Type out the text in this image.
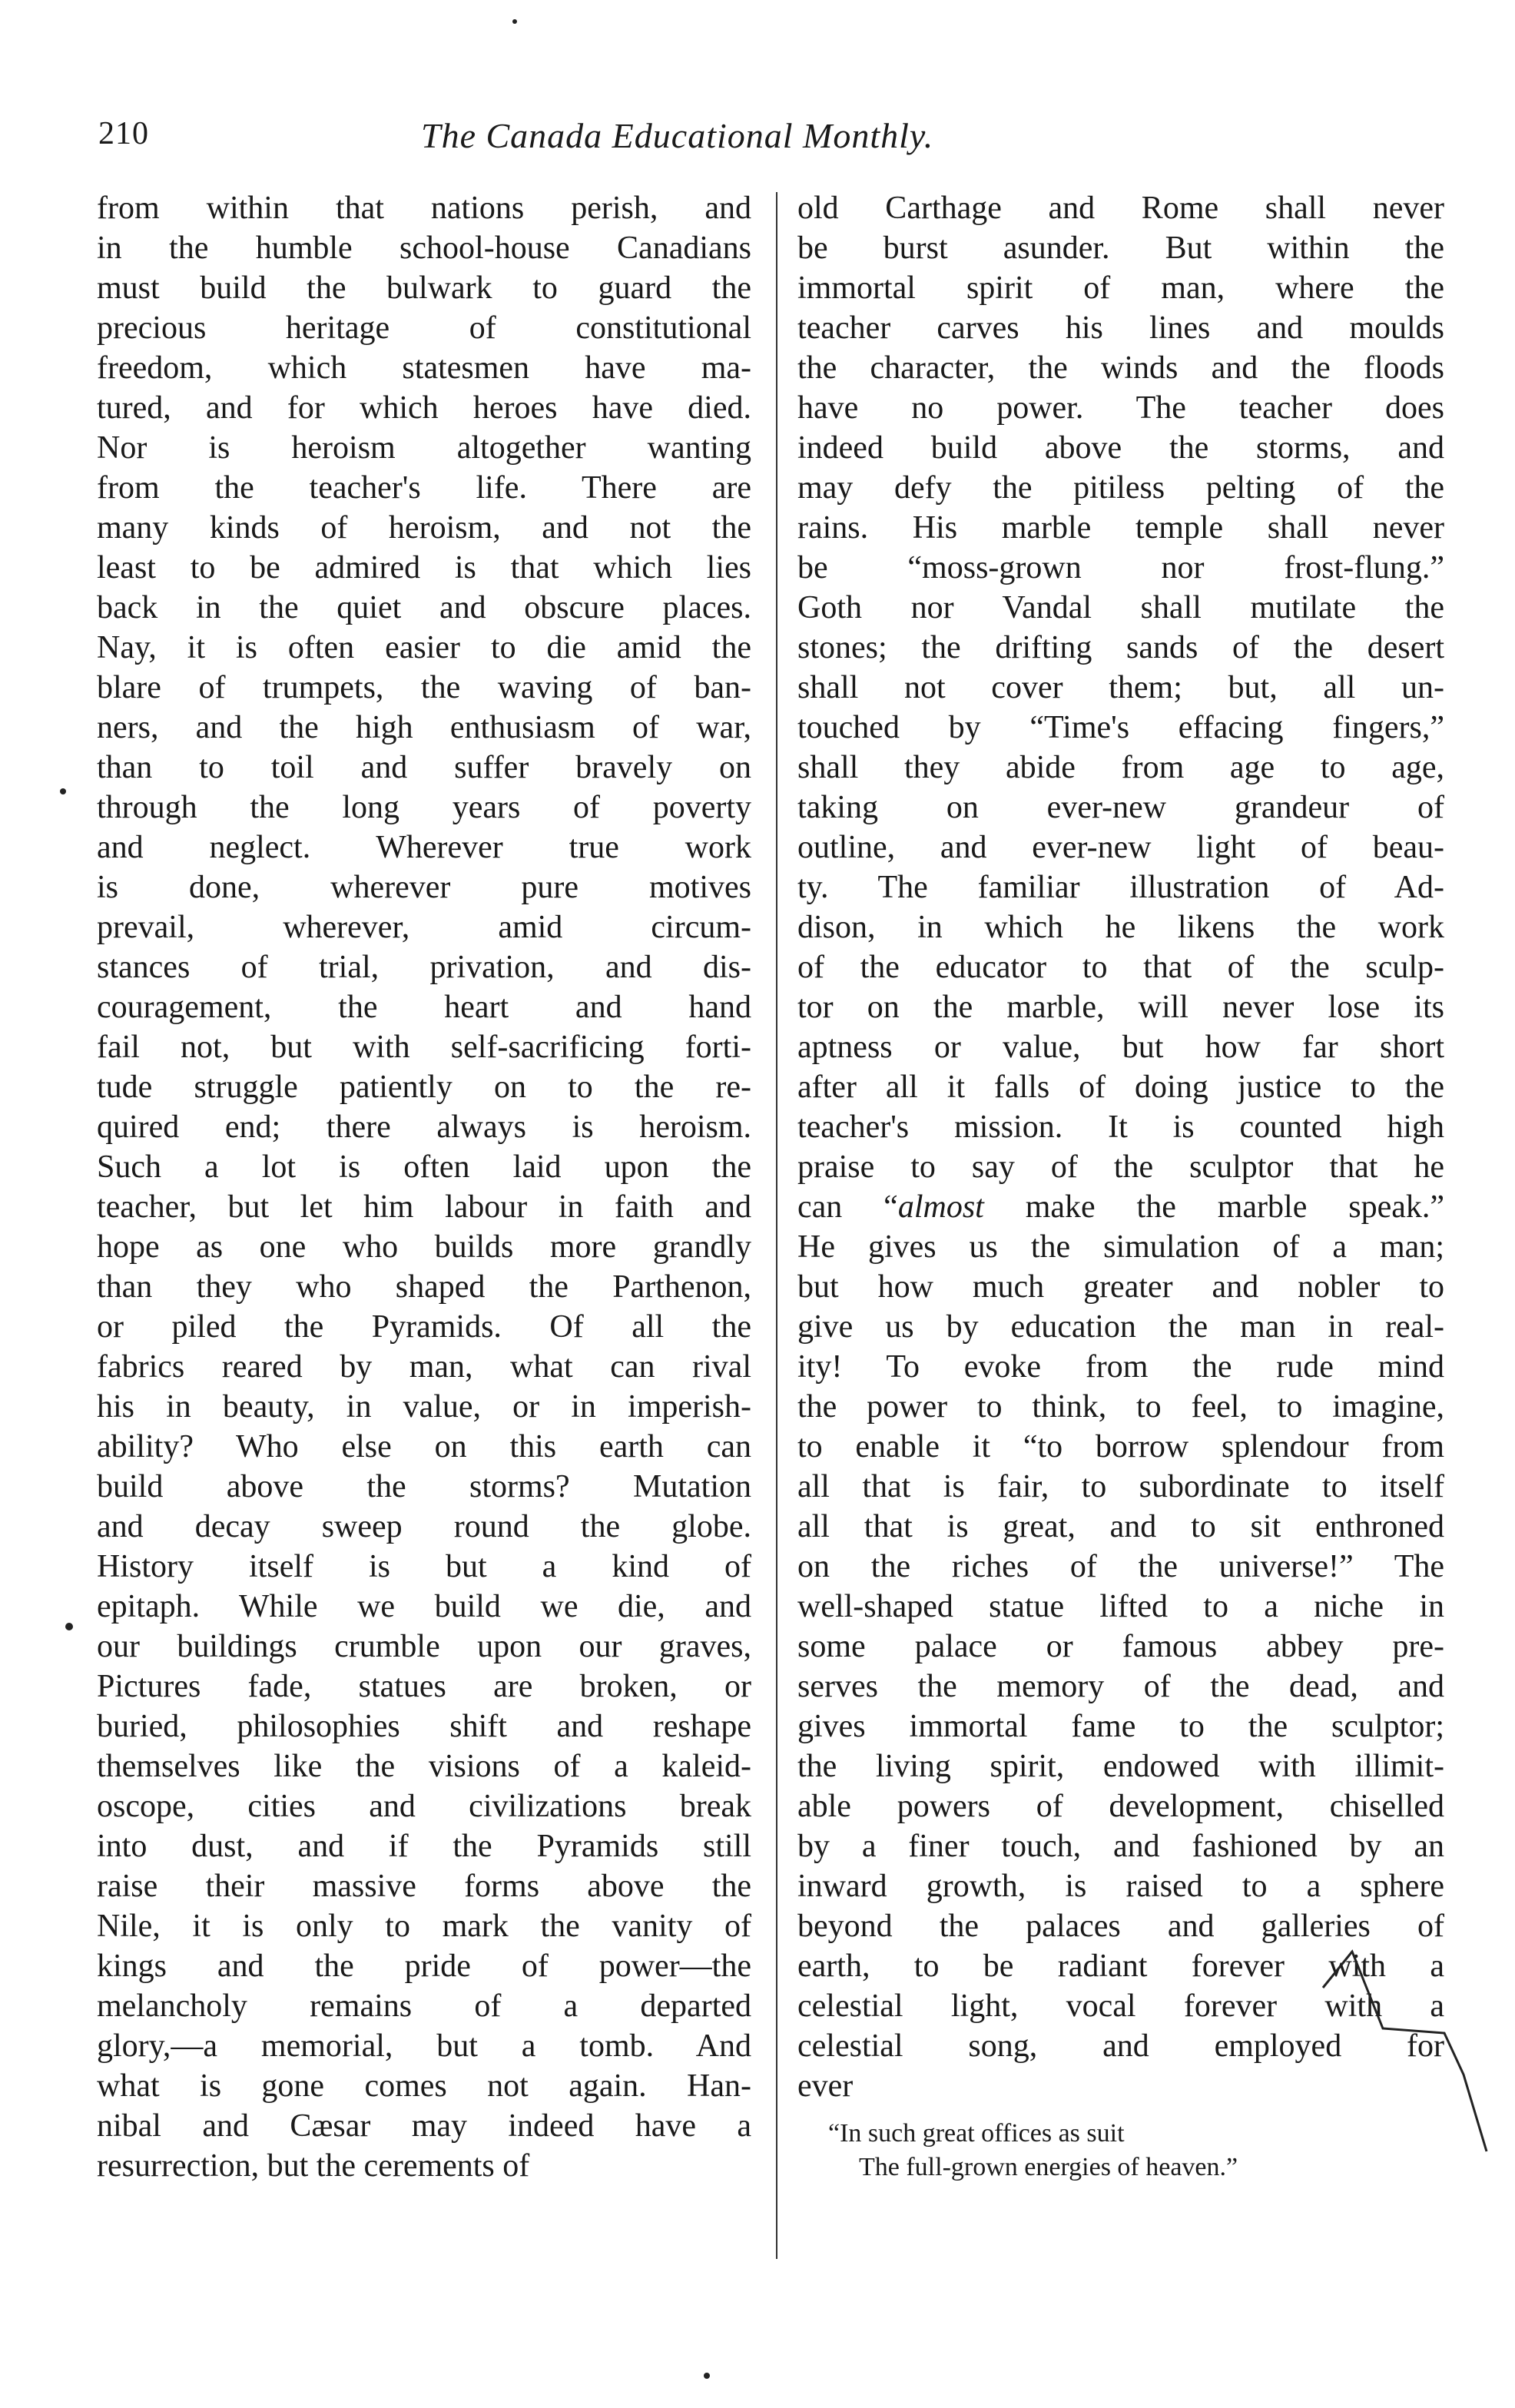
210	The Canada Educational Monthly.
from within that nations perish, and
in the humble school-house Canadians
must build the bulwark to guard the
precious heritage of constitutional
freedom, which statesmen have ma-
tured, and for which heroes have died.
Nor is heroism altogether wanting
from the teacher's life. There are
many kinds of heroism, and not the
least to be admired is that which lies
back in the quiet and obscure places.
Nay, it is often easier to die amid the
blare of trumpets, the waving of ban-
ners, and the high enthusiasm of war,
than to toil and suffer bravely on
through the long years of poverty
and neglect. Wherever true work
is done, wherever pure motives
prevail, wherever, amid circum-
stances of trial, privation, and dis-
couragement, the heart and hand
fail not, but with self-sacrificing forti-
tude struggle patiently on to the re-
quired end; there always is heroism.
Such a lot is often laid upon the
teacher, but let him labour in faith and
hope as one who builds more grandly
than they who shaped the Parthenon,
or piled the Pyramids. Of all the
fabrics reared by man, what can rival
his in beauty, in value, or in imperish-
ability? Who else on this earth can
build above the storms? Mutation
and decay sweep round the globe.
History itself is but a kind of
epitaph. While we build we die, and
our buildings crumble upon our graves,
Pictures fade, statues are broken, or
buried, philosophies shift and reshape
themselves like the visions of a kaleid-
oscope, cities and civilizations break
into dust, and if the Pyramids still
raise their massive forms above the
Nile, it is only to mark the vanity of
kings and the pride of power—the
melancholy remains of a departed
glory,—a memorial, but a tomb. And
what is gone comes not again. Han-
nibal and Cæsar may indeed have a
resurrection, but the cerements of
old Carthage and Rome shall never
be burst asunder. But within the
immortal spirit of man, where the
teacher carves his lines and moulds
the character, the winds and the floods
have no power. The teacher does
indeed build above the storms, and
may defy the pitiless pelting of the
rains. His marble temple shall never
be “moss-grown nor frost-flung.”
Goth nor Vandal shall mutilate the
stones; the drifting sands of the desert
shall not cover them; but, all un-
touched by “Time's effacing fingers,”
shall they abide from age to age,
taking on ever-new grandeur of
outline, and ever-new light of beau-
ty. The familiar illustration of Ad-
dison, in which he likens the work
of the educator to that of the sculp-
tor on the marble, will never lose its
aptness or value, but how far short
after all it falls of doing justice to the
teacher's mission. It is counted high
praise to say of the sculptor that he
can “almost make the marble speak.”
He gives us the simulation of a man;
but how much greater and nobler to
give us by education the man in real-
ity! To evoke from the rude mind
the power to think, to feel, to imagine,
to enable it “to borrow splendour from
all that is fair, to subordinate to itself
all that is great, and to sit enthroned
on the riches of the universe!” The
well-shaped statue lifted to a niche in
some palace or famous abbey pre-
serves the memory of the dead, and
gives immortal fame to the sculptor;
the living spirit, endowed with illimit-
able powers of development, chiselled
by a finer touch, and fashioned by an
inward growth, is raised to a sphere
beyond the palaces and galleries of
earth, to be radiant forever with a
celestial light, vocal forever with a
celestial song, and employed for
ever
“In such great offices as suit
The full-grown energies of heaven.”
